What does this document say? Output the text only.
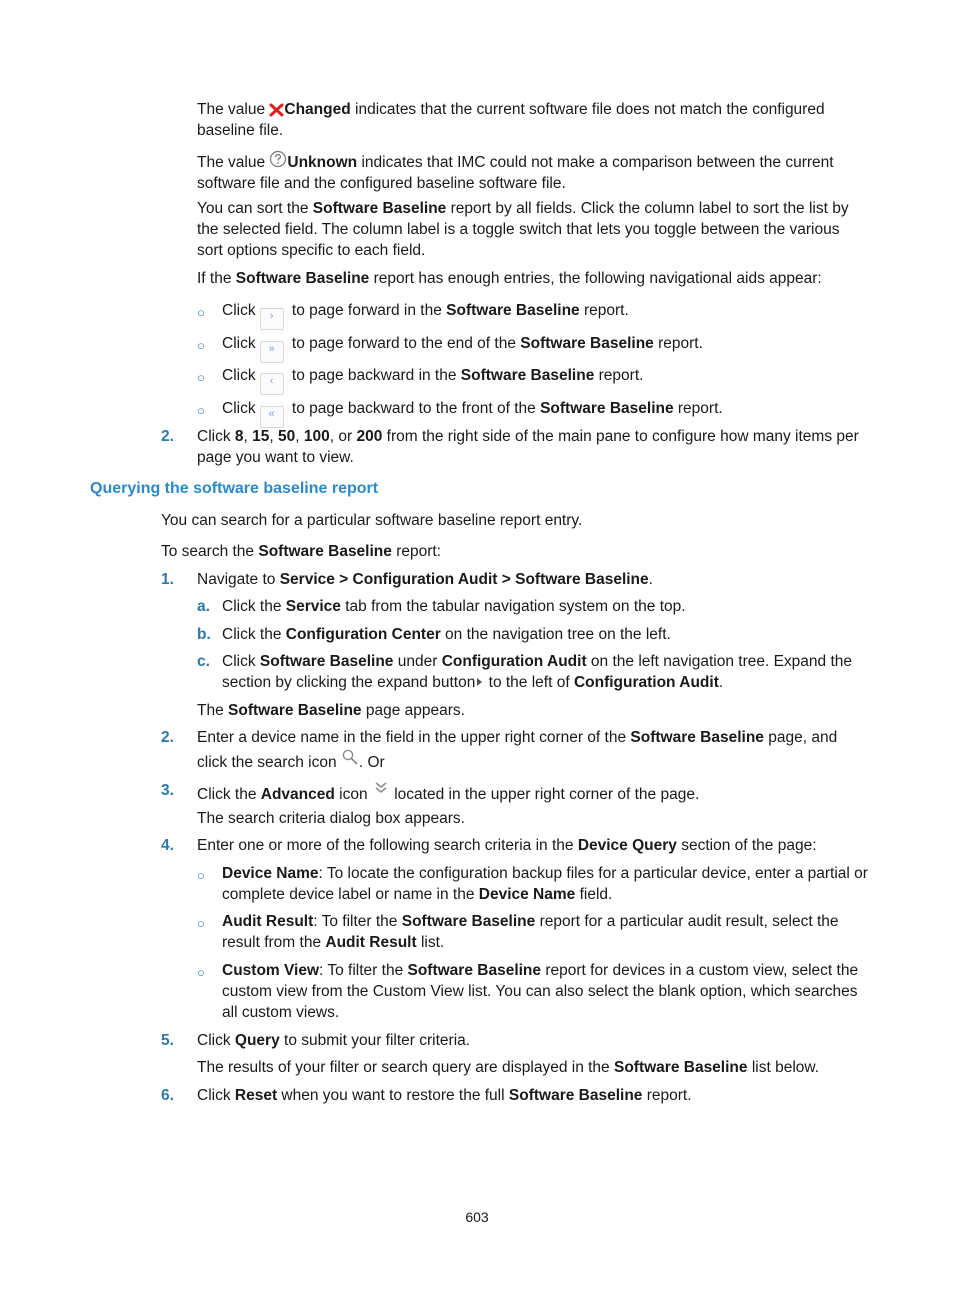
The value Changed indicates that the current software file does not match the configured baseline file.

The value Unknown indicates that IMC could not make a comparison between the current software file and the configured baseline software file.

You can sort the Software Baseline report by all fields. Click the column label to sort the list by the selected field. The column label is a toggle switch that lets you toggle between the various sort options specific to each field.

If the Software Baseline report has enough entries, the following navigational aids appear:

○ Click › to page forward in the Software Baseline report.

○ Click » to page forward to the end of the Software Baseline report.

○ Click ‹ to page backward in the Software Baseline report.

○ Click « to page backward to the front of the Software Baseline report.

2. Click 8, 15, 50, 100, or 200 from the right side of the main pane to configure how many items per page you want to view.

Querying the software baseline report

You can search for a particular software baseline report entry.

To search the Software Baseline report:

1. Navigate to Service > Configuration Audit > Software Baseline.

a. Click the Service tab from the tabular navigation system on the top.

b. Click the Configuration Center on the navigation tree on the left.

c. Click Software Baseline under Configuration Audit on the left navigation tree. Expand the section by clicking the expand button to the left of Configuration Audit.

The Software Baseline page appears.

2. Enter a device name in the field in the upper right corner of the Software Baseline page, and click the search icon . Or

3. Click the Advanced icon  located in the upper right corner of the page.

The search criteria dialog box appears.

4. Enter one or more of the following search criteria in the Device Query section of the page:

○ Device Name: To locate the configuration backup files for a particular device, enter a partial or complete device label or name in the Device Name field.

○ Audit Result: To filter the Software Baseline report for a particular audit result, select the result from the Audit Result list.

○ Custom View: To filter the Software Baseline report for devices in a custom view, select the custom view from the Custom View list. You can also select the blank option, which searches all custom views.

5. Click Query to submit your filter criteria.

The results of your filter or search query are displayed in the Software Baseline list below.

6. Click Reset when you want to restore the full Software Baseline report.

603
